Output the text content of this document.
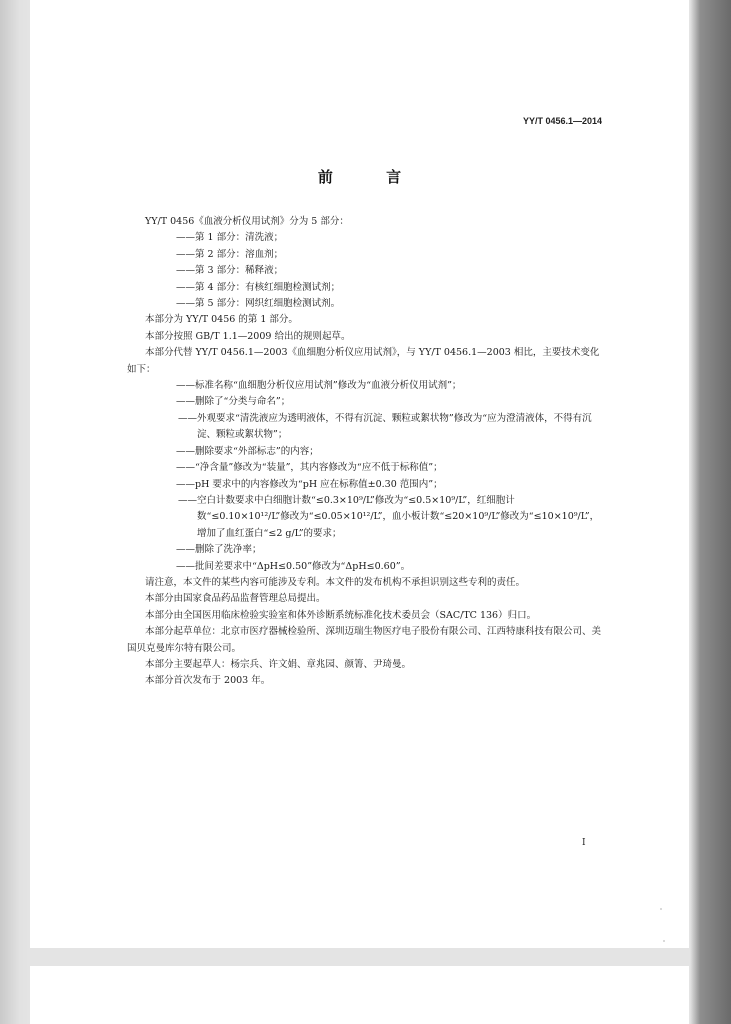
YY/T 0456.1—2014
前 言
YY/T 0456《血液分析仪用试剂》分为 5 部分：
——第 1 部分：清洗液；
——第 2 部分：溶血剂；
——第 3 部分：稀释液；
——第 4 部分：有核红细胞检测试剂；
——第 5 部分：网织红细胞检测试剂。
本部分为 YY/T 0456 的第 1 部分。
本部分按照 GB/T 1.1—2009 给出的规则起草。
本部分代替 YY/T 0456.1—2003《血细胞分析仪应用试剂》，与 YY/T 0456.1—2003 相比，主要技术变化如下：
——标准名称“血细胞分析仪应用试剂”修改为“血液分析仪用试剂”；
——删除了“分类与命名”；
——外观要求“清洗液应为透明液体，不得有沉淀、颗粒或絮状物”修改为“应为澄清液体，不得有沉淀、颗粒或絮状物”；
——删除要求“外部标志”的内容；
——“净含量”修改为“装量”，其内容修改为“应不低于标称值”；
——pH 要求中的内容修改为“pH 应在标称值±0.30 范围内”；
——空白计数要求中白细胞计数“≤0.3×10⁹/L”修改为“≤0.5×10⁹/L”，红细胞计数“≤0.10×10¹²/L”修改为“≤0.05×10¹²/L”，血小板计数“≤20×10⁹/L”修改为“≤10×10⁹/L”，增加了血红蛋白“≤2 g/L”的要求；
——删除了洗净率；
——批间差要求中“ΔpH≤0.50”修改为“ΔpH≤0.60”。
请注意，本文件的某些内容可能涉及专利。本文件的发布机构不承担识别这些专利的责任。
本部分由国家食品药品监督管理总局提出。
本部分由全国医用临床检验实验室和体外诊断系统标准化技术委员会（SAC/TC 136）归口。
本部分起草单位：北京市医疗器械检验所、深圳迈瑞生物医疗电子股份有限公司、江西特康科技有限公司、美国贝克曼库尔特有限公司。
本部分主要起草人：杨宗兵、许文娟、章兆园、颜箐、尹琦曼。
本部分首次发布于 2003 年。
I
